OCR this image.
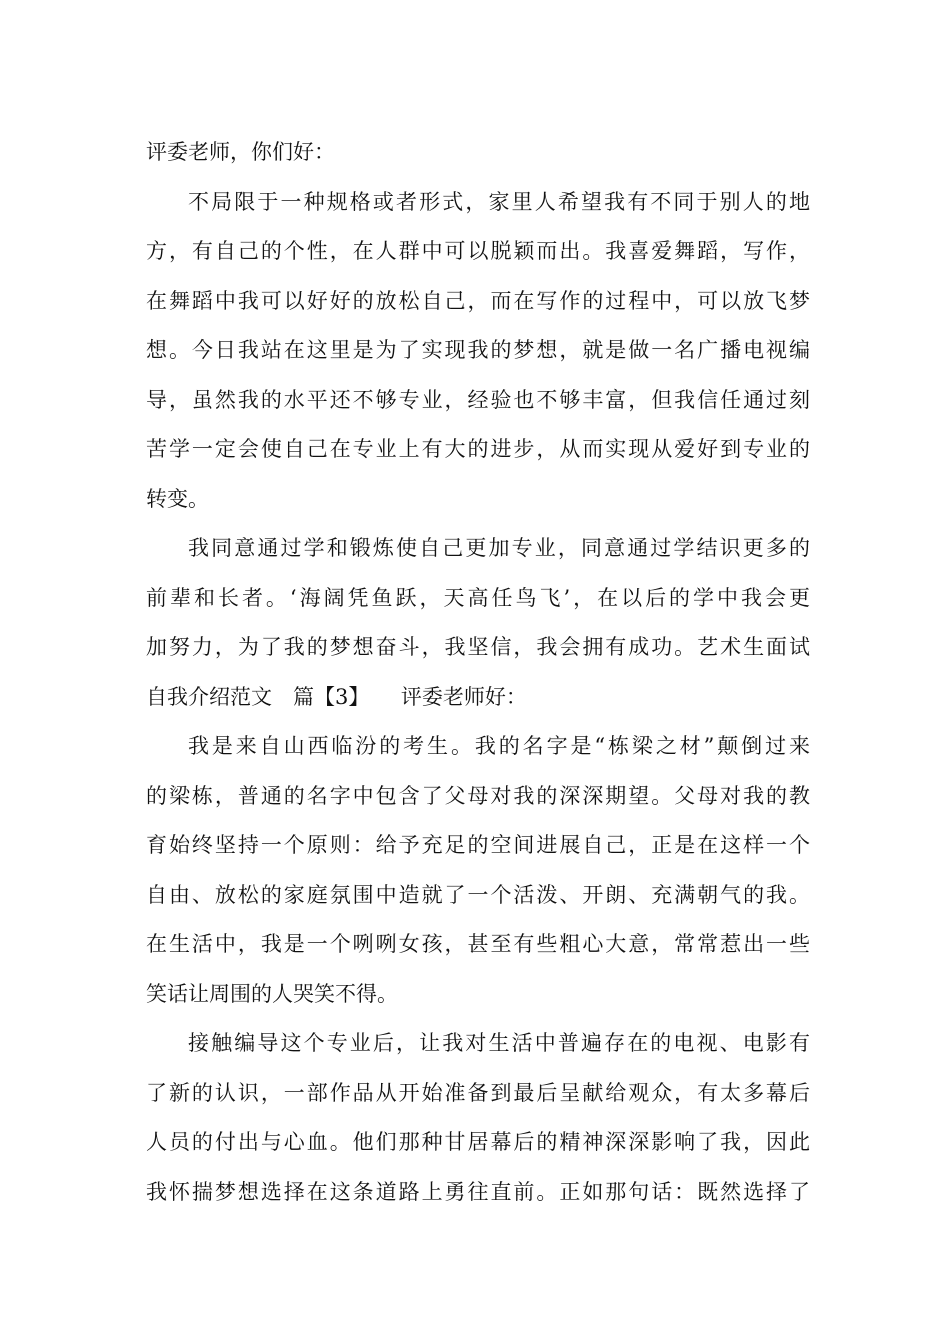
评委老师，你们好：
不局限于一种规格或者形式，家里人希望我有不同于别人的地
方，有自己的个性，在人群中可以脱颖而出。我喜爱舞蹈，写作，
在舞蹈中我可以好好的放松自己，而在写作的过程中，可以放飞梦
想。今日我站在这里是为了实现我的梦想，就是做一名广播电视编
导，虽然我的水平还不够专业，经验也不够丰富，但我信任通过刻
苦学一定会使自己在专业上有大的进步，从而实现从爱好到专业的
转变。
我同意通过学和锻炼使自己更加专业，同意通过学结识更多的
前辈和长者。‘海阔凭鱼跃，天高任鸟飞’，在以后的学中我会更
加努力，为了我的梦想奋斗，我坚信，我会拥有成功。艺术生面试
自我介绍范文　篇【3】　　评委老师好：
我是来自山西临汾的考生。我的名字是“栋梁之材”颠倒过来
的梁栋，普通的名字中包含了父母对我的深深期望。父母对我的教
育始终坚持一个原则：给予充足的空间进展自己，正是在这样一个
自由、放松的家庭氛围中造就了一个活泼、开朗、充满朝气的我。
在生活中，我是一个咧咧女孩，甚至有些粗心大意，常常惹出一些
笑话让周围的人哭笑不得。
接触编导这个专业后，让我对生活中普遍存在的电视、电影有
了新的认识，一部作品从开始准备到最后呈献给观众，有太多幕后
人员的付出与心血。他们那种甘居幕后的精神深深影响了我，因此
我怀揣梦想选择在这条道路上勇往直前。正如那句话：既然选择了
